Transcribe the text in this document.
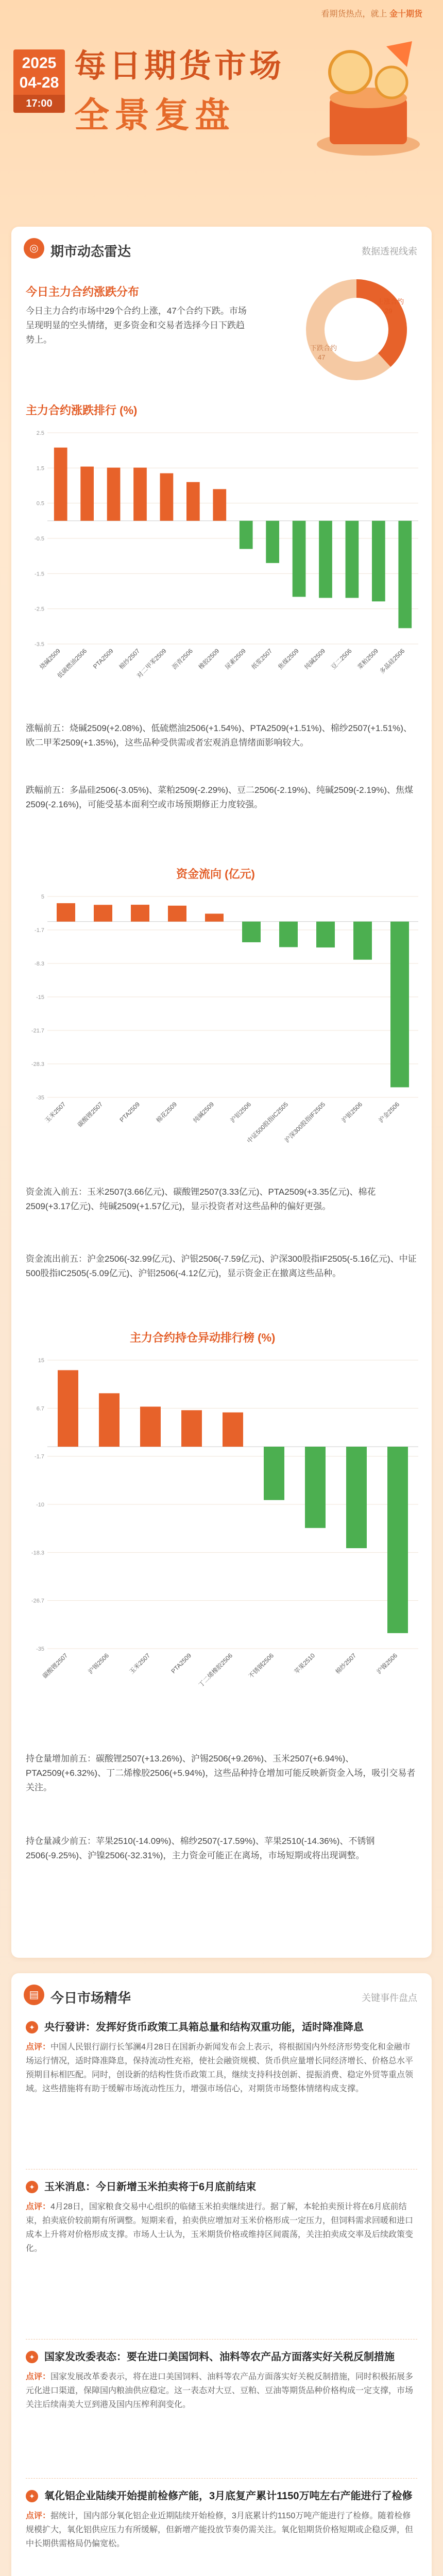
看期货热点，就上 金十期货
2025
04-28
17:00
每日期货市场
全景复盘
◎ 期市动态雷达	数据透视线索
今日主力合约涨跌分布
今日主力合约市场中29个合约上涨，47个合约下跌。市场呈现明显的空头情绪，更多资金和交易者选择今日下跌趋势上。
上涨合约
29
下跌合约
47
主力合约涨跌排行 (%)
-3.5
-2.5
-1.5
-0.5
0.5
1.5
2.5
烧碱2509
低硫燃油2506 PTA2509 棉纱2507
对二甲苯2509 沥青2506 橡胶2509 尿素2509 纸浆2507 焦煤2509 纯碱2509 豆二2506 菜粕2509
多晶硅2506
涨幅前五：烧碱2509(+2.08%)、低硫燃油2506(+1.54%)、PTA2509(+1.51%)、棉纱2507(+1.51%)、欧二甲苯2509(+1.35%)，这些品种受供需或者宏观消息情绪面影响较大。
跌幅前五：多晶硅2506(-3.05%)、菜粕2509(-2.29%)、豆二2506(-2.19%)、纯碱2509(-2.19%)、焦煤2509(-2.16%)，可能受基本面利空或市场预期修正力度较强。
资金流向 (亿元)
-35
-28.3
-21.7
-15
-8.3
-1.7
5
玉米2507 碳酸锂2507 PTA2509 棉花2509 纯碱2509 沪铝2506
中证500股指IC2505
沪深300股指IF2505 沪银2506 沪金2506
资金流入前五：玉米2507(3.66亿元)、碳酸锂2507(3.33亿元)、PTA2509(+3.35亿元)、棉花2509(+3.17亿元)、纯碱2509(+1.57亿元)，显示投资者对这些品种的偏好更强。
资金流出前五：沪金2506(-32.99亿元)、沪银2506(-7.59亿元)、沪深300股指IF2505(-5.16亿元)、中证500股指IC2505(-5.09亿元)、沪铝2506(-4.12亿元)，显示资金正在撤离这些品种。
主力合约持仓异动排行榜 (%)
-35
-26.7
-18.3
-10
-1.7
6.7
15
碳酸锂2507	沪锡2506	玉米2507	PTA2509 丁二烯橡胶2506 不锈钢2506	苹果2510	棉纱2507	沪镍2506
持仓量增加前五：碳酸锂2507(+13.26%)、沪锡2506(+9.26%)、玉米2507(+6.94%)、PTA2509(+6.32%)、丁二烯橡胶2506(+5.94%)，这些品种持仓增加可能反映新资金入场，吸引交易者关注。
持仓量减少前五：苹果2510(-14.09%)、棉纱2507(-17.59%)、苹果2510(-14.36%)、不锈钢2506(-9.25%)、沪镍2506(-32.31%)，主力资金可能正在离场，市场短期或将出现调整。
▤ 今日市场精华	关键事件盘点
✦ 央行發讲：发挥好货币政策工具箱总量和结构双重功能，适时降准降息
点评：中国人民银行副行长邹澜4月28日在国新办新闻发布会上表示，将根据国内外经济形势变化和金融市场运行情况，适时降准降息，保持流动性充裕，使社会融资规模、货币供应量增长同经济增长、价格总水平预期目标相匹配。同时，创设新的结构性货币政策工具，继续支持科技创新、提振消费、稳定外贸等重点领域。这些措施将有助于缓解市场流动性压力，增强市场信心，对期货市场整体情绪构成支撑。
✦ 玉米消息：今日新增玉米拍卖将于6月底前结束
点评：4月28日，国家粮食交易中心组织的临储玉米拍卖继续进行。据了解，本轮拍卖预计将在6月底前结束，拍卖底价较前期有所调整。短期来看，拍卖供应增加对玉米价格形成一定压力，但饲料需求回暖和进口成本上升将对价格形成支撑。市场人士认为，玉米期货价格或维持区间震荡，关注拍卖成交率及后续政策变化。
✦ 国家发改委表态：要在进口美国饲料、油料等农产品方面落实好关税反制措施
点评：国家发展改革委表示，将在进口美国饲料、油料等农产品方面落实好关税反制措施，同时积极拓展多元化进口渠道，保障国内粮油供应稳定。这一表态对大豆、豆粕、豆油等期货品种价格构成一定支撑，市场关注后续南美大豆到港及国内压榨利润变化。
✦ 氧化铝企业陆续开始提前检修产能，3月底复产累计1150万吨左右产能进行了检修
点评：据统计，国内部分氧化铝企业近期陆续开始检修，3月底累计约1150万吨产能进行了检修。随着检修规模扩大，氧化铝供应压力有所缓解，但新增产能投放节奏仍需关注。氧化铝期货价格短期或企稳反弹，但中长期供需格局仍偏宽松。
